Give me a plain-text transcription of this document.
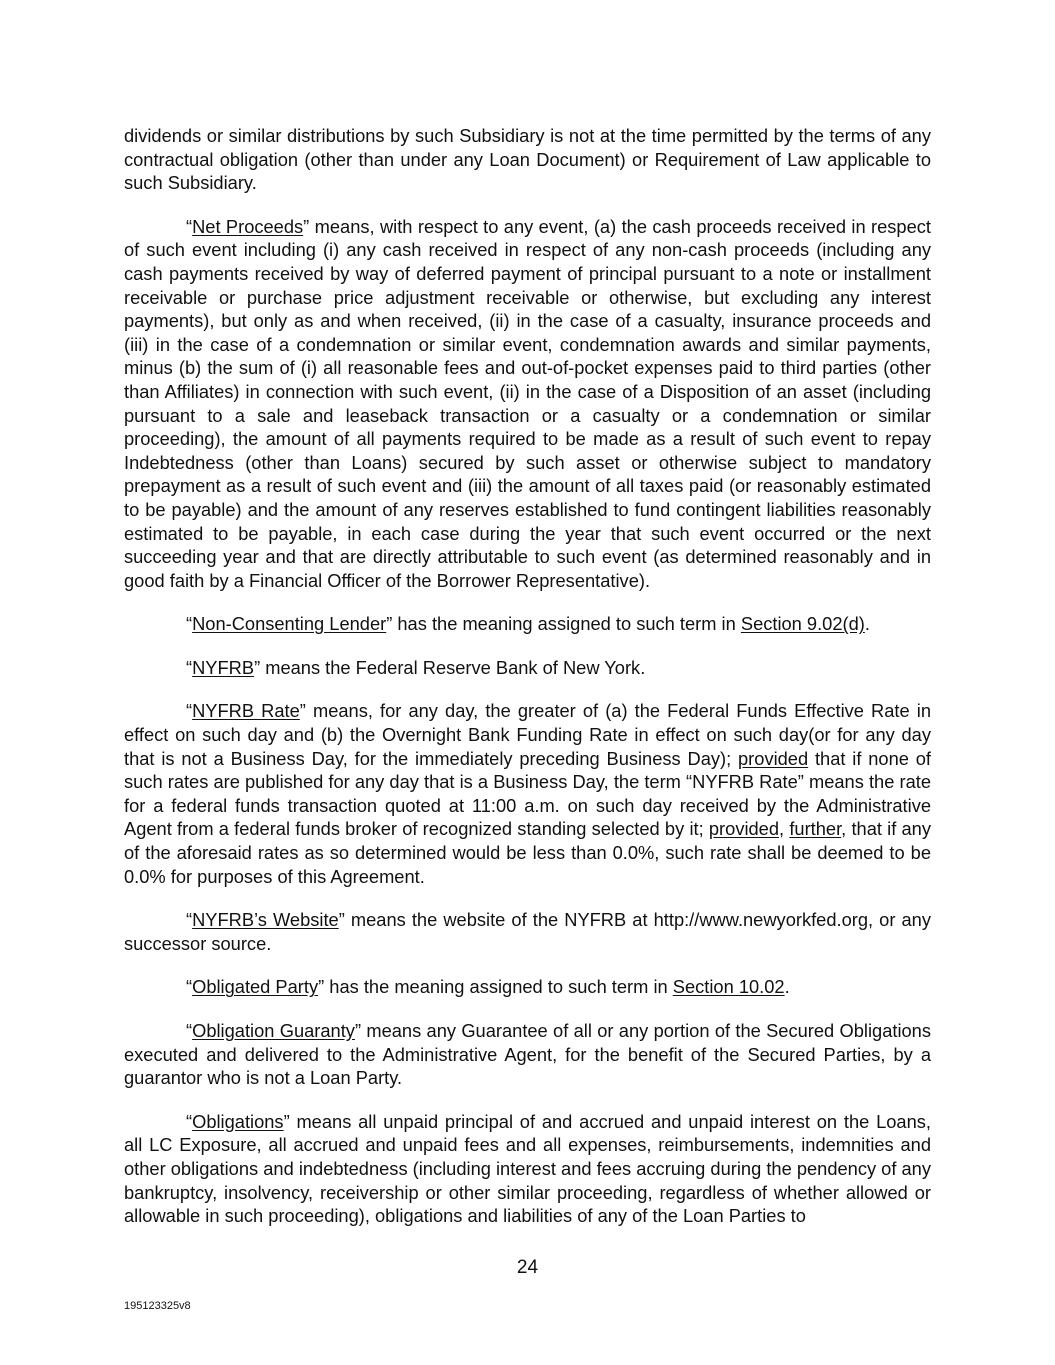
dividends or similar distributions by such Subsidiary is not at the time permitted by the terms of any contractual obligation (other than under any Loan Document) or Requirement of Law applicable to such Subsidiary.

“Net Proceeds” means, with respect to any event, (a) the cash proceeds received in respect of such event including (i) any cash received in respect of any non-cash proceeds (including any cash payments received by way of deferred payment of principal pursuant to a note or installment receivable or purchase price adjustment receivable or otherwise, but excluding any interest payments), but only as and when received, (ii) in the case of a casualty, insurance proceeds and (iii) in the case of a condemnation or similar event, condemnation awards and similar payments, minus (b) the sum of (i) all reasonable fees and out-of-pocket expenses paid to third parties (other than Affiliates) in connection with such event, (ii) in the case of a Disposition of an asset (including pursuant to a sale and leaseback transaction or a casualty or a condemnation or similar proceeding), the amount of all payments required to be made as a result of such event to repay Indebtedness (other than Loans) secured by such asset or otherwise subject to mandatory prepayment as a result of such event and (iii) the amount of all taxes paid (or reasonably estimated to be payable) and the amount of any reserves established to fund contingent liabilities reasonably estimated to be payable, in each case during the year that such event occurred or the next succeeding year and that are directly attributable to such event (as determined reasonably and in good faith by a Financial Officer of the Borrower Representative).

“Non-Consenting Lender” has the meaning assigned to such term in Section 9.02(d).

“NYFRB” means the Federal Reserve Bank of New York.

“NYFRB Rate” means, for any day, the greater of (a) the Federal Funds Effective Rate in effect on such day and (b) the Overnight Bank Funding Rate in effect on such day(or for any day that is not a Business Day, for the immediately preceding Business Day); provided that if none of such rates are published for any day that is a Business Day, the term “NYFRB Rate” means the rate for a federal funds transaction quoted at 11:00 a.m. on such day received by the Administrative Agent from a federal funds broker of recognized standing selected by it; provided, further, that if any of the aforesaid rates as so determined would be less than 0.0%, such rate shall be deemed to be 0.0% for purposes of this Agreement.

“NYFRB’s Website” means the website of the NYFRB at http://www.newyorkfed.org, or any successor source.

“Obligated Party” has the meaning assigned to such term in Section 10.02.

“Obligation Guaranty” means any Guarantee of all or any portion of the Secured Obligations executed and delivered to the Administrative Agent, for the benefit of the Secured Parties, by a guarantor who is not a Loan Party.

“Obligations” means all unpaid principal of and accrued and unpaid interest on the Loans, all LC Exposure, all accrued and unpaid fees and all expenses, reimbursements, indemnities and other obligations and indebtedness (including interest and fees accruing during the pendency of any bankruptcy, insolvency, receivership or other similar proceeding, regardless of whether allowed or allowable in such proceeding), obligations and liabilities of any of the Loan Parties to

24
195123325v8
